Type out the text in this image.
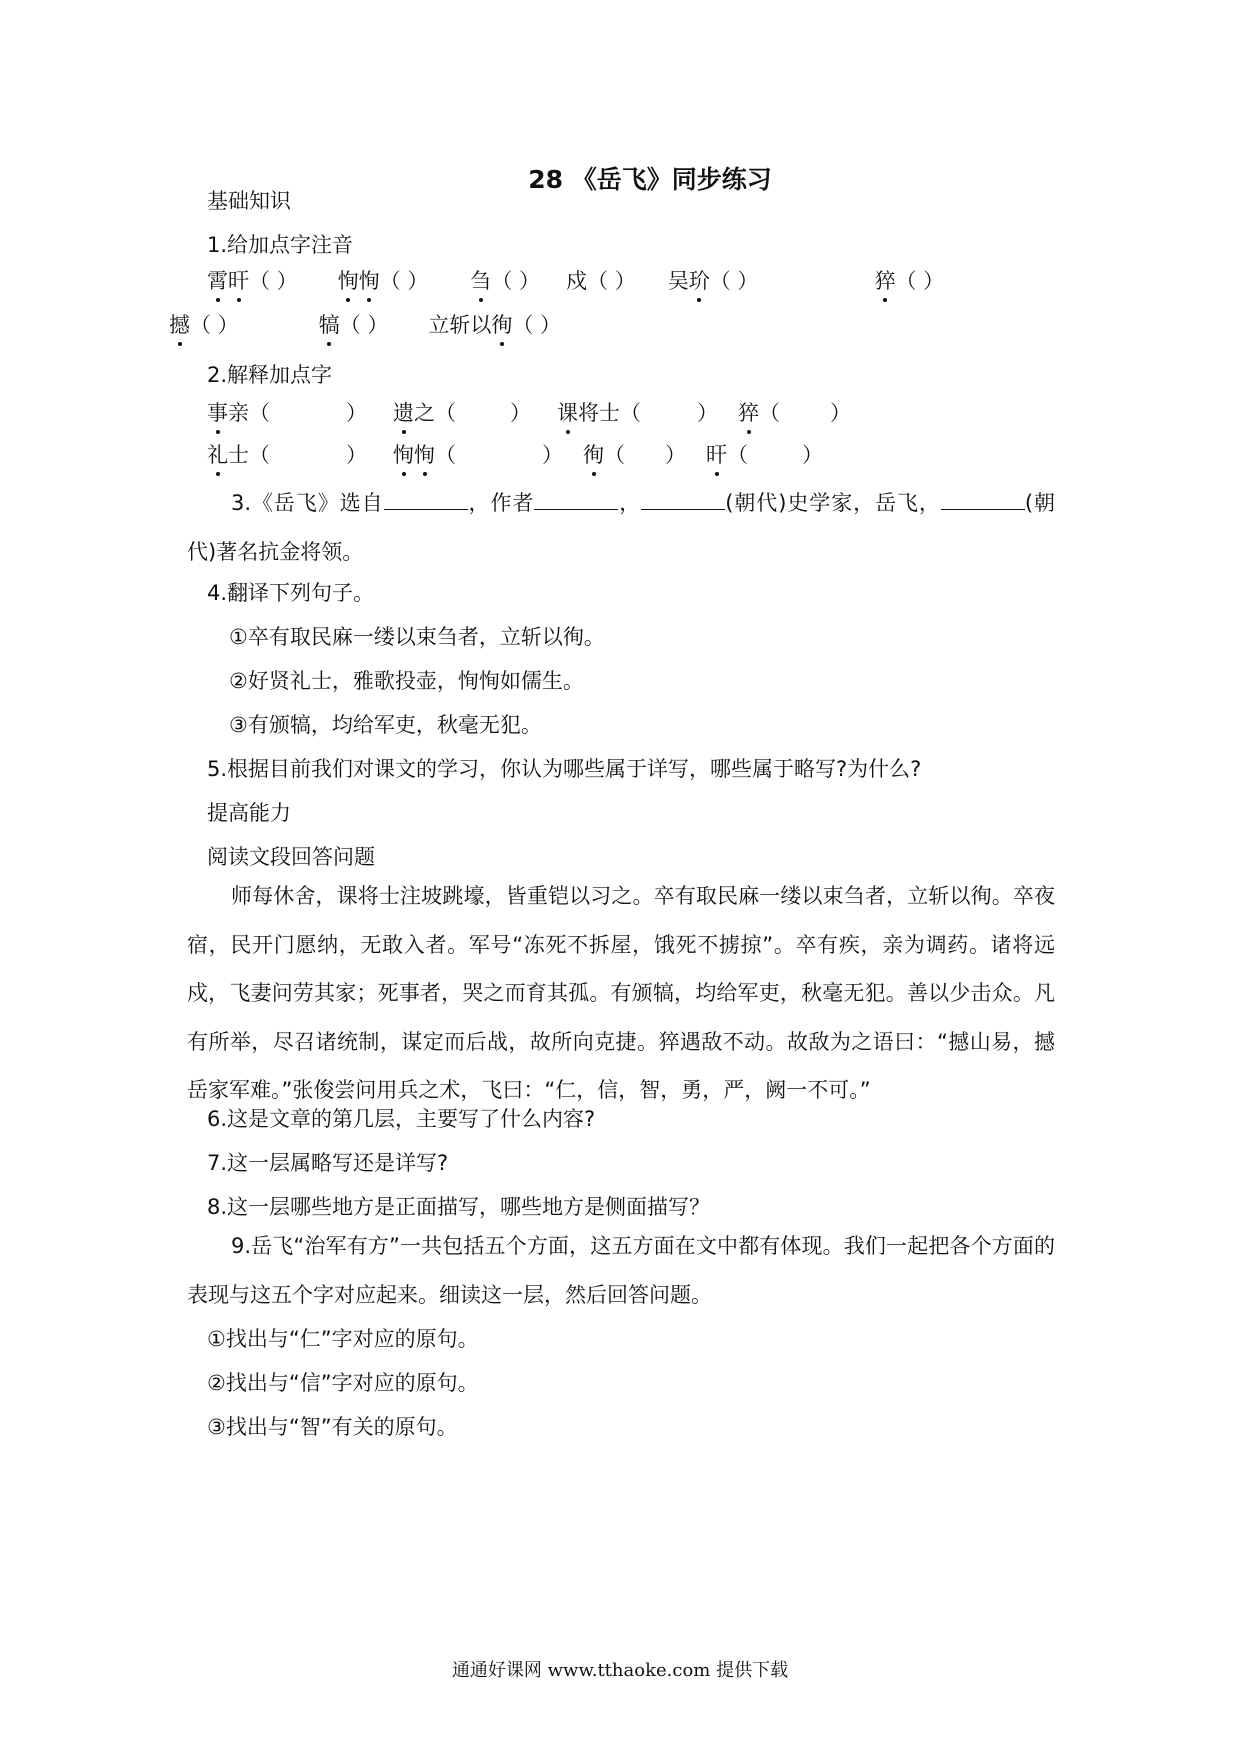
28 《岳飞》同步练习
基础知识
1.给加点字注音
霄旰（ ） 恂恂（ ） 刍（ ） 戍（ ） 吴玠（ ）	猝（ ）
撼（ ）	犒（ ） 立斩以徇（ ）
2.解释加点字
事亲（	） 遗之（	） 课将士（	） 猝（ ）
礼士（	） 恂恂（	） 徇（ ） 旰（	）
3.《岳飞》选自	，作者	，	(朝代)史学家，岳飞，	(朝代)著名抗金将领。
4.翻译下列句子。
①卒有取民麻一缕以束刍者，立斩以徇。
②好贤礼士，雅歌投壶，恂恂如儒生。
③有颁犒，均给军吏，秋毫无犯。
5.根据目前我们对课文的学习，你认为哪些属于详写，哪些属于略写?为什么?
提高能力
阅读文段回答问题
师每休舍，课将士注坡跳壕，皆重铠以习之。卒有取民麻一缕以束刍者，立斩以徇。卒夜宿，民开门愿纳，无敢入者。军号“冻死不拆屋，饿死不掳掠”。卒有疾，亲为调药。诸将远戍，飞妻问劳其家；死事者，哭之而育其孤。有颁犒，均给军吏，秋毫无犯。善以少击众。凡有所举，尽召诸统制，谋定而后战，故所向克捷。猝遇敌不动。故敌为之语曰：“撼山易，撼岳家军难。”张俊尝问用兵之术，飞曰：“仁，信，智，勇，严，阙一不可。”
6.这是文章的第几层，主要写了什么内容?
7.这一层属略写还是详写?
8.这一层哪些地方是正面描写，哪些地方是侧面描写？
9.岳飞“治军有方”一共包括五个方面，这五方面在文中都有体现。我们一起把各个方面的表现与这五个字对应起来。细读这一层，然后回答问题。
①找出与“仁”字对应的原句。
②找出与“信”字对应的原句。
③找出与“智”有关的原句。
通通好课网 www.tthaoke.com 提供下载
